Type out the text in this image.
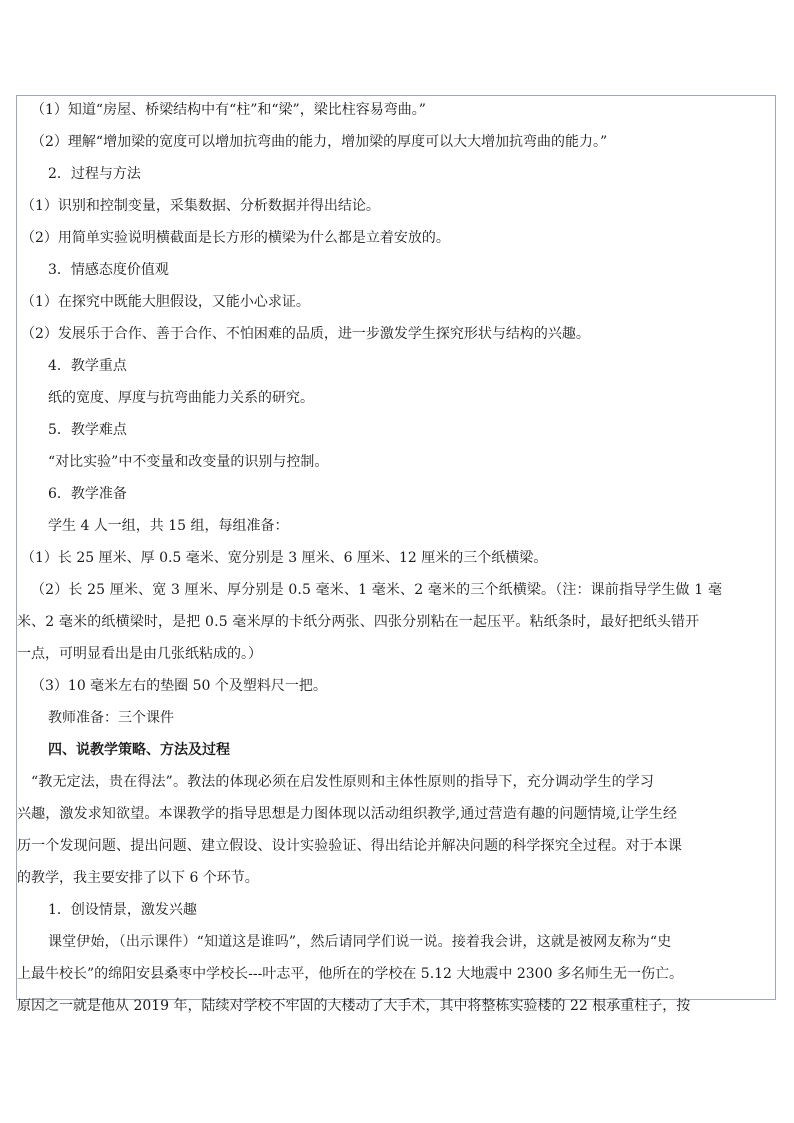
（1）知道“房屋、桥梁结构中有“柱”和“梁”，梁比柱容易弯曲。”
（2）理解“增加梁的宽度可以增加抗弯曲的能力，增加梁的厚度可以大大增加抗弯曲的能力。”
2．过程与方法
（1）识别和控制变量，采集数据、分析数据并得出结论。
（2）用简单实验说明横截面是长方形的横梁为什么都是立着安放的。
3．情感态度价值观
（1）在探究中既能大胆假设，又能小心求证。
（2）发展乐于合作、善于合作、不怕困难的品质，进一步激发学生探究形状与结构的兴趣。
4．教学重点
纸的宽度、厚度与抗弯曲能力关系的研究。
5．教学难点
“对比实验”中不变量和改变量的识别与控制。
6．教学准备
学生 4 人一组，共 15 组，每组准备：
（1）长 25 厘米、厚 0.5 毫米、宽分别是 3 厘米、6 厘米、12 厘米的三个纸横梁。
（2）长 25 厘米、宽 3 厘米、厚分别是 0.5 毫米、1 毫米、2 毫米的三个纸横梁。（注：课前指导学生做 1 毫
米、2 毫米的纸横梁时，是把 0.5 毫米厚的卡纸分两张、四张分别粘在一起压平。粘纸条时，最好把纸头错开
一点，可明显看出是由几张纸粘成的。）
（3）10 毫米左右的垫圈 50 个及塑料尺一把。
教师准备：三个课件
四、说教学策略、方法及过程
“教无定法，贵在得法”。教法的体现必须在启发性原则和主体性原则的指导下，充分调动学生的学习
兴趣，激发求知欲望。本课教学的指导思想是力图体现以活动组织教学,通过营造有趣的问题情境,让学生经
历一个发现问题、提出问题、建立假设、设计实验验证、得出结论并解决问题的科学探究全过程。对于本课
的教学，我主要安排了以下 6 个环节。
1．创设情景，激发兴趣
课堂伊始，（出示课件）“知道这是谁吗”，然后请同学们说一说。接着我会讲，这就是被网友称为“史
上最牛校长”的绵阳安县桑枣中学校长---叶志平，他所在的学校在 5.12 大地震中 2300 多名师生无一伤亡。
原因之一就是他从 2019 年，陆续对学校不牢固的大楼动了大手术，其中将整栋实验楼的 22 根承重柱子，按
